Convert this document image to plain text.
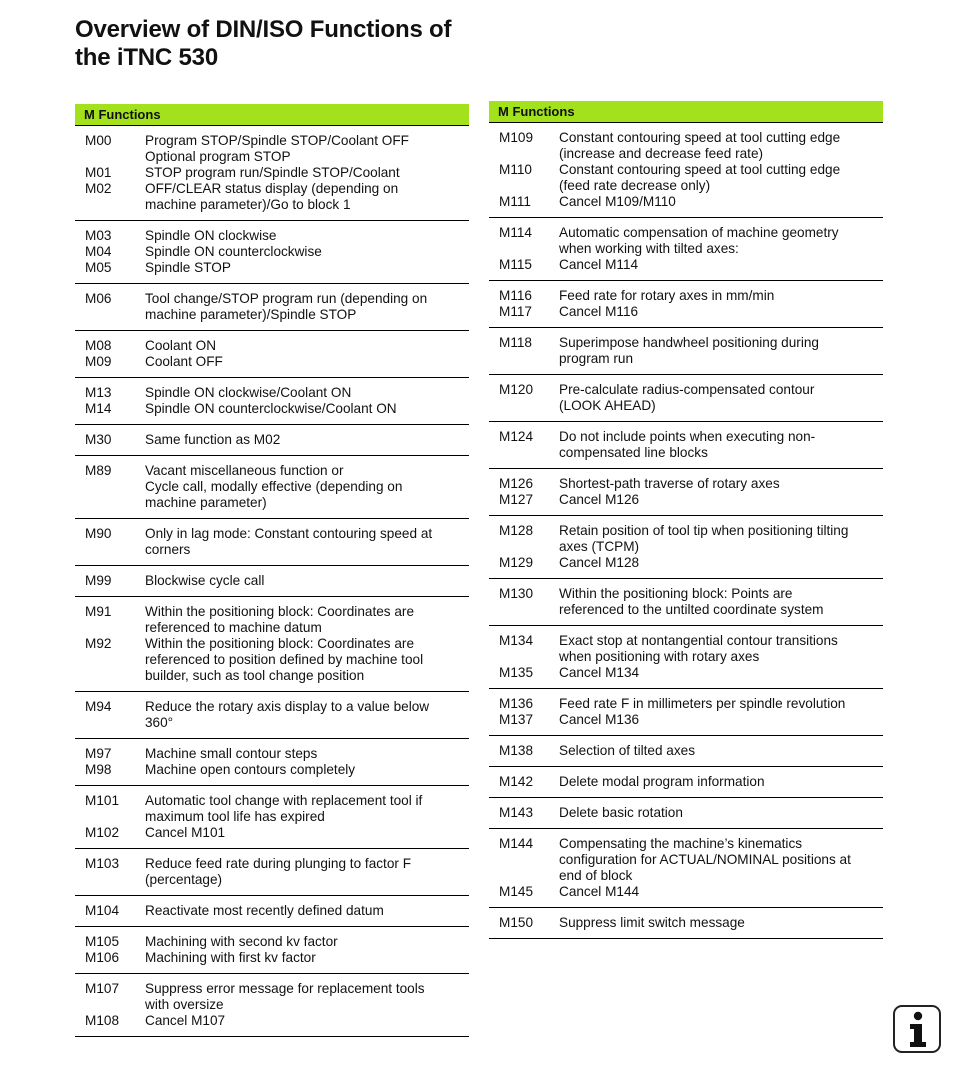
Overview of DIN/ISO Functions of
the iTNC 530
M Functions
M00	Program STOP/Spindle STOP/Coolant OFF
Optional program STOP
M01	STOP program run/Spindle STOP/Coolant
M02	OFF/CLEAR status display (depending on
machine parameter)/Go to block 1
M03	Spindle ON clockwise
M04	Spindle ON counterclockwise
M05	Spindle STOP
M06	Tool change/STOP program run (depending on
machine parameter)/Spindle STOP
M08	Coolant ON
M09	Coolant OFF
M13	Spindle ON clockwise/Coolant ON
M14	Spindle ON counterclockwise/Coolant ON
M30	Same function as M02
M89	Vacant miscellaneous function or
Cycle call, modally effective (depending on
machine parameter)
M90	Only in lag mode: Constant contouring speed at
corners
M99	Blockwise cycle call
M91	Within the positioning block: Coordinates are
referenced to machine datum
M92	Within the positioning block: Coordinates are
referenced to position defined by machine tool
builder, such as tool change position
M94	Reduce the rotary axis display to a value below
360°
M97	Machine small contour steps
M98	Machine open contours completely
M101	Automatic tool change with replacement tool if
maximum tool life has expired
M102	Cancel M101
M103	Reduce feed rate during plunging to factor F
(percentage)
M104	Reactivate most recently defined datum
M105	Machining with second kv factor
M106	Machining with first kv factor
M107	Suppress error message for replacement tools
with oversize
M108	Cancel M107
M Functions
M109	Constant contouring speed at tool cutting edge
(increase and decrease feed rate)
M110	Constant contouring speed at tool cutting edge
(feed rate decrease only)
M111	Cancel M109/M110
M114	Automatic compensation of machine geometry
when working with tilted axes:
M115	Cancel M114
M116	Feed rate for rotary axes in mm/min
M117	Cancel M116
M118	Superimpose handwheel positioning during
program run
M120	Pre-calculate radius-compensated contour
(LOOK AHEAD)
M124	Do not include points when executing non-
compensated line blocks
M126	Shortest-path traverse of rotary axes
M127	Cancel M126
M128	Retain position of tool tip when positioning tilting
axes (TCPM)
M129	Cancel M128
M130	Within the positioning block: Points are
referenced to the untilted coordinate system
M134	Exact stop at nontangential contour transitions
when positioning with rotary axes
M135	Cancel M134
M136	Feed rate F in millimeters per spindle revolution
M137	Cancel M136
M138	Selection of tilted axes
M142	Delete modal program information
M143	Delete basic rotation
M144	Compensating the machine’s kinematics
configuration for ACTUAL/NOMINAL positions at
end of block
M145	Cancel M144
M150	Suppress limit switch message
